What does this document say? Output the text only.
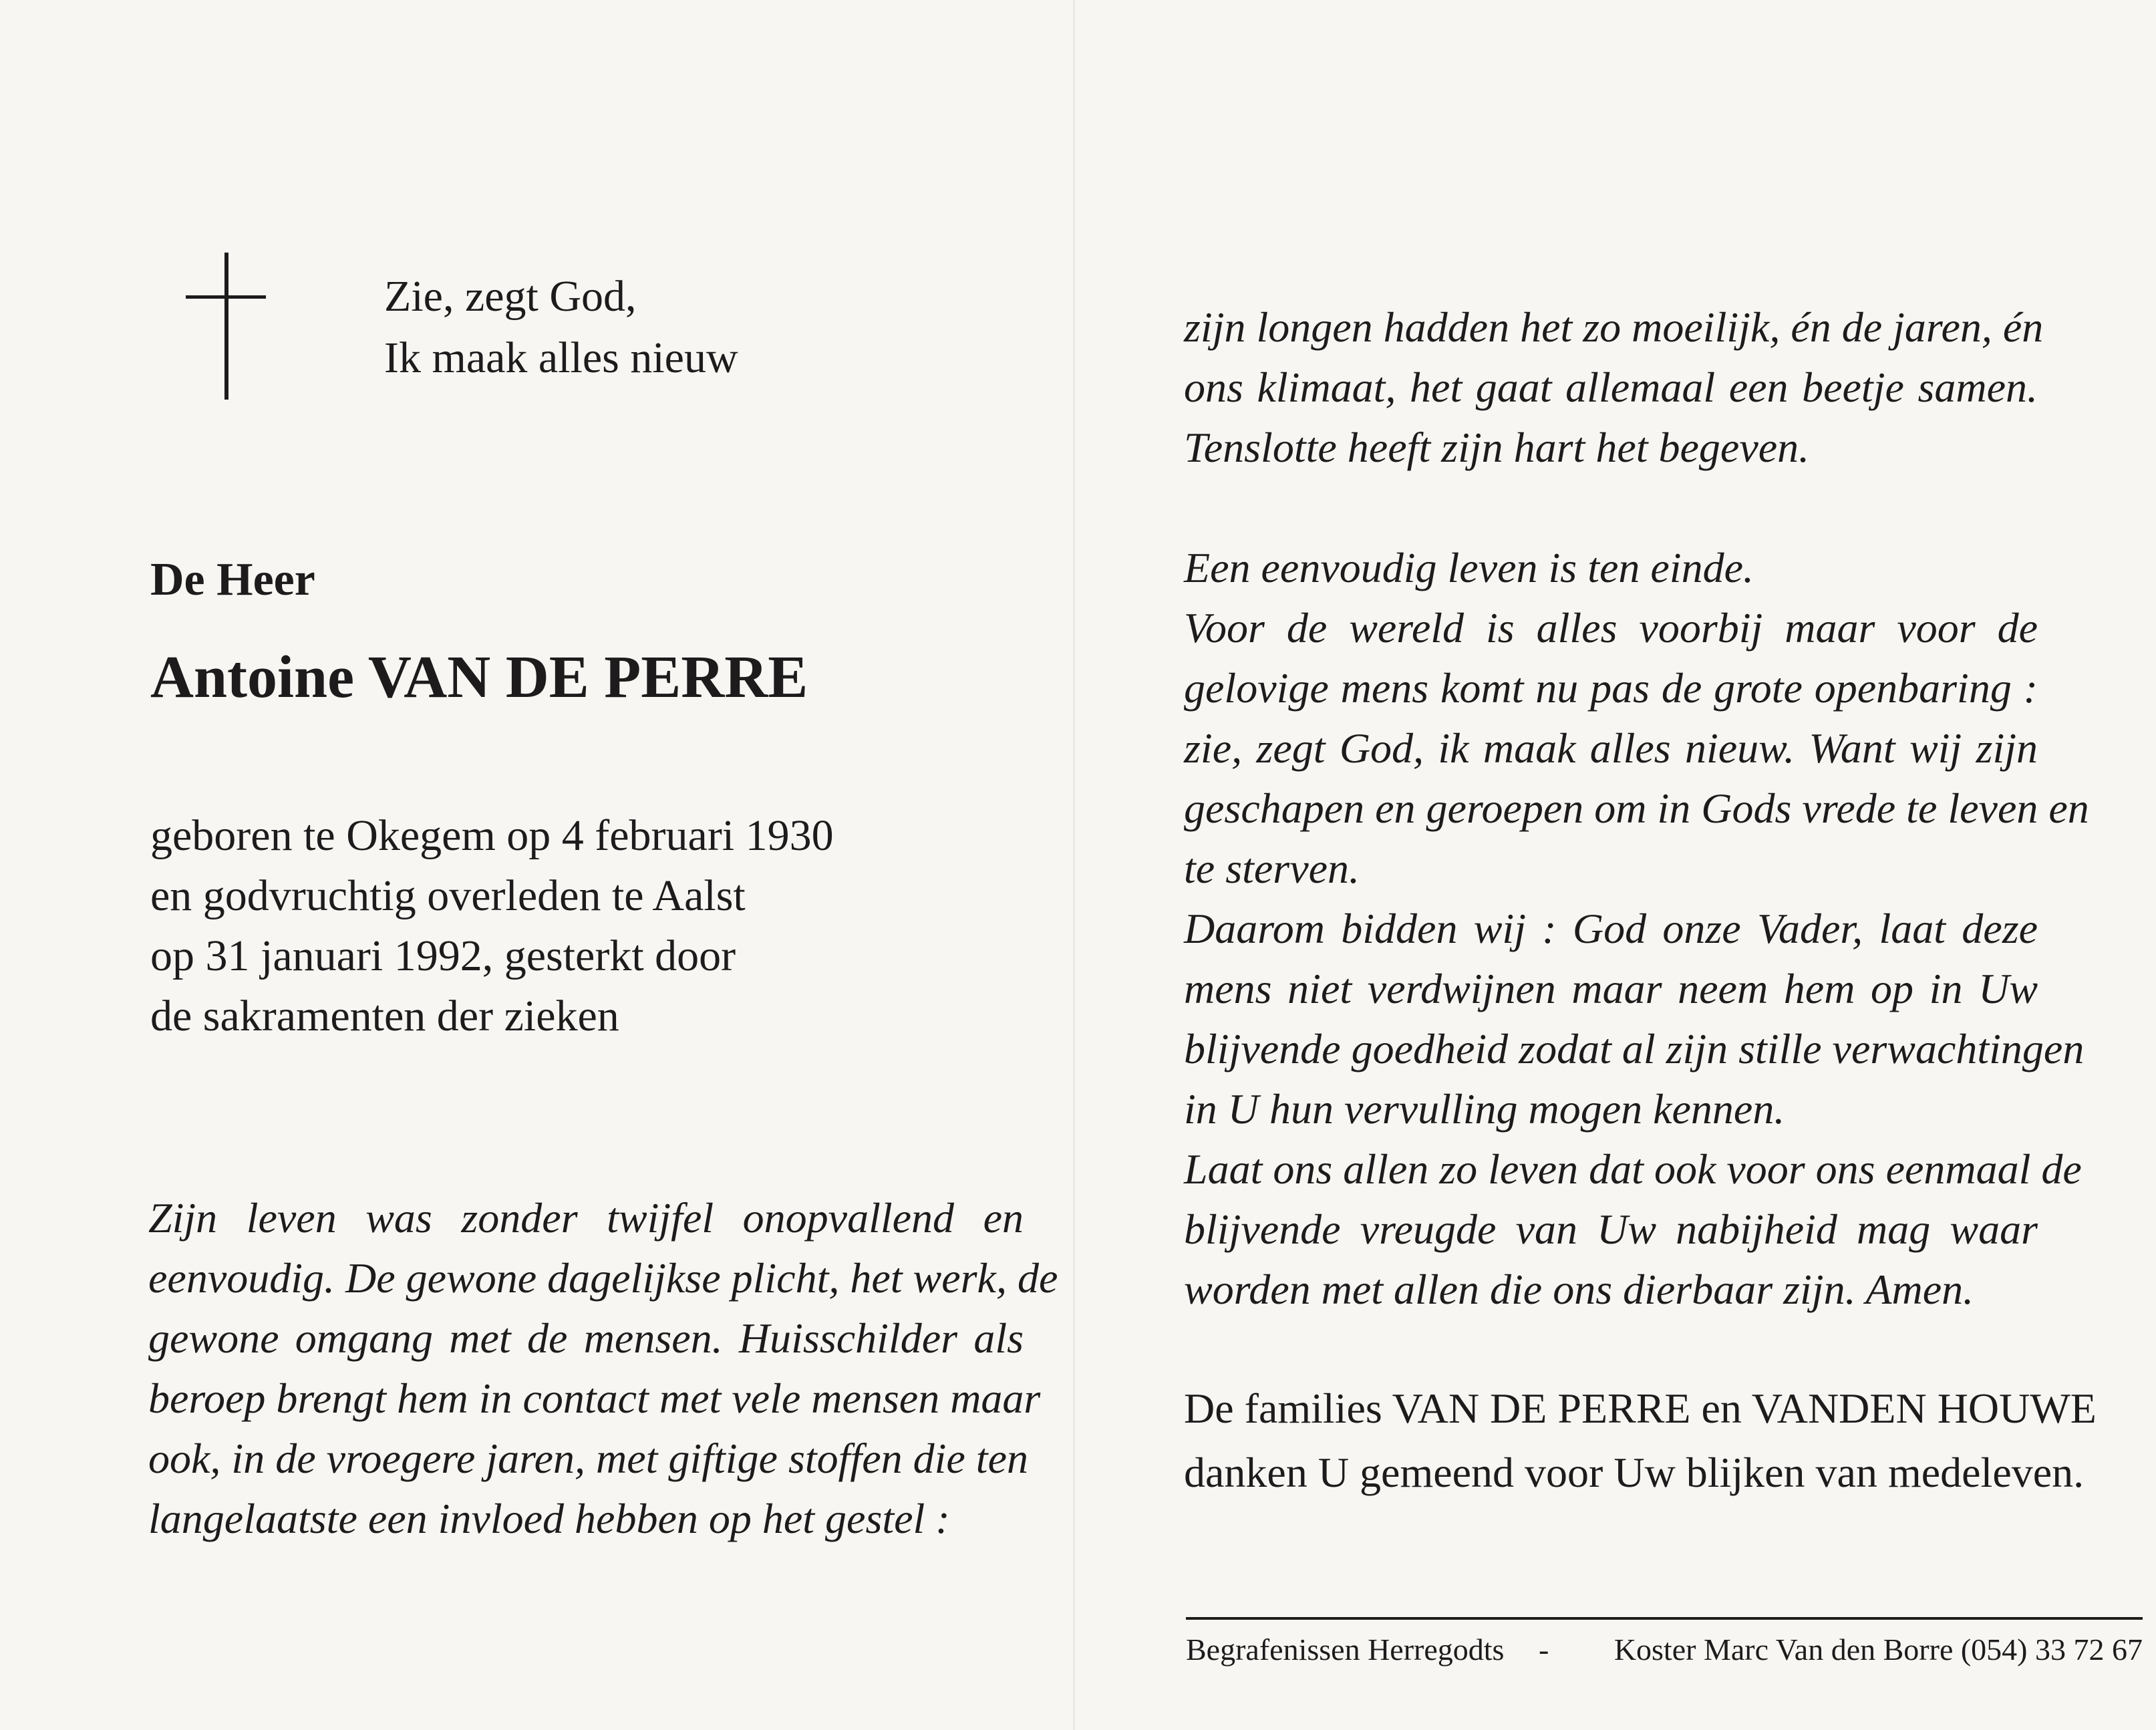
Zie, zegt God,
Ik maak alles nieuw
De Heer
Antoine VAN DE PERRE
geboren te Okegem op 4 februari 1930
en godvruchtig overleden te Aalst
op 31 januari 1992, gesterkt door
de sakramenten der zieken
Zijn leven was zonder twijfel onopvallend en
eenvoudig. De gewone dagelijkse plicht, het werk, de
gewone omgang met de mensen. Huisschilder als
beroep brengt hem in contact met vele mensen maar
ook, in de vroegere jaren, met giftige stoffen die ten
langelaatste een invloed hebben op het gestel :
zijn longen hadden het zo moeilijk, én de jaren, én
ons klimaat, het gaat allemaal een beetje samen.
Tenslotte heeft zijn hart het begeven.
Een eenvoudig leven is ten einde.
Voor de wereld is alles voorbij maar voor de
gelovige mens komt nu pas de grote openbaring :
zie, zegt God, ik maak alles nieuw. Want wij zijn
geschapen en geroepen om in Gods vrede te leven en
te sterven.
Daarom bidden wij : God onze Vader, laat deze
mens niet verdwijnen maar neem hem op in Uw
blijvende goedheid zodat al zijn stille verwachtingen
in U hun vervulling mogen kennen.
Laat ons allen zo leven dat ook voor ons eenmaal de
blijvende vreugde van Uw nabijheid mag waar
worden met allen die ons dierbaar zijn. Amen.
De families VAN DE PERRE en VANDEN HOUWE
danken U gemeend voor Uw blijken van medeleven.
Begrafenissen Herregodts - Koster Marc Van den Borre (054) 33 72 67
